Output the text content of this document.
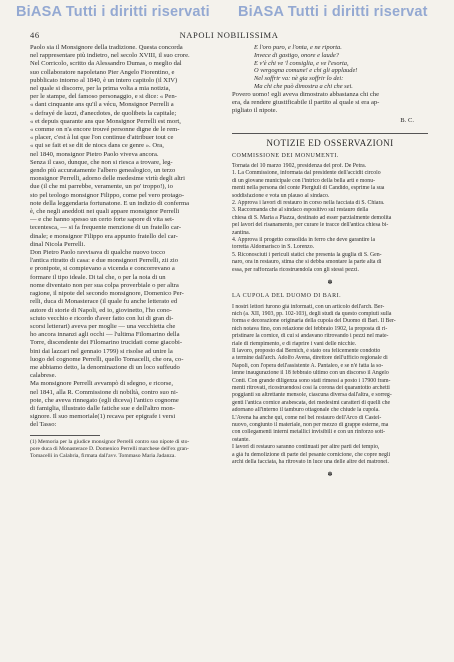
BiASA Tutti i diritti riservati BiASA Tutti i diritti riservat
46	NAPOLI NOBILISSIMA
Paolo sia il Monsignore della tradizione. Questa concorda
nel rappresentare più indietro, nel secolo XVIII, il suo crore.
Nel Corricolo, scritto da Alessandro Dumas, o meglio dal
suo collaboratore napoletano Pier Angelo Fiorentino, e
pubblicato intorno al 1840, è un intero capitolo (il XIV)
nel quale si discorre, per la prima volta a mia notizia,
per le stampe, del famoso personaggio, e si dice: « Pen-
« dant cinquante ans qu'il a vécu, Monsignor Perrelli a
« defrayé de lazzi, d'anecdotes, de quolibets la capitale;
« et depuis quarante ans que Monsignor Perrelli est mort,
« comme on n'a encore trouvé personne digne de le rem-
« placer, c'est à lui que l'on continue d'attribuer tout ce
« qui se fait et se dit de niocs dans ce genre ». Ora,
nel 1840, monsignor Pietro Paolo viveva ancora.
Senza il caso, dunque, che non si riesca a trovare, leg-
gendo più accuratamente l'albero genealogico, un terzo
monsignor Perrelli, adorno delle medesime virtù degli altri
due (il che mi parrebbe, veramente, un po' troppo!), io
sto pel teologo monsignor Filippo, come pel vero protago-
note della leggendaria fortunatone. E un indizio di conferma
è, che negli aneddoti nei quali appare monsignor Perrelli
— e che hanno spesso un certo forte sapore di vita set-
tecentesca, — si fa frequente menzione di un fratello car-
dinale; e monsignor Filippo era appunto fratello del car-
dinal Nicola Perrelli.
Don Pietro Paolo ravvisava di qualche nuovo tocco
l'antica ritratto di casa: e due monsignori Perrelli, zii zio
e pronipote, si compievano a vicenda e concorrevano a
formare il tipo ideale. Di tal che, o per la noia di un
nome diventato non per sua colpa proverbiale o per altra
ragione, il nipote del secondo monsignore, Domenico Per-
relli, duca di Monasterace (il quale fu anche letterato ed
autore di storie di Napoli, ed io, giovinetto, l'ho cono-
sciuto vecchio e ricordo d'aver fatto con lui di gran di-
scorsi letterari) aveva per moglie — una vecchietta che
ho ancora innanzi agli occhi — l'ultima Filomarino della
Torre, discendente dei Filomarino trucidati come giacobi-
bini dai lazzari nel gennaio 1799) si risolse ad unire la
luogo del cognome Perrelli, quello Tomacelli, che ora, co-
me abbiamo detto, la denominazione di un loco suffeudo
calabrese.
Ma monsignore Perrelli avvampò di sdegno, e ricorse,
nel 1841, alla R. Commissione di nobiltà, contro suo ni-
pote, che aveva rinnegato (egli diceva) l'antico cognome
di famiglia, illustrato dalle fatiche sue e dell'altro mon-
signore. Il suo memoriale(1) recava per epigrafe i versi
del Tasso:
(1) Memoria per la giudice monsignor Perrelli contro suo nipote di sto-
pore duca di Monasterace D. Domenico Perrelli marchese dell'ex gran-
Tomacelli in Calabria, firmata dall'avv. Tommaso Maria Jadanza.
E l'oro puro, e l'onta, e ne riporta.
Invece di gastigo, onore e laude?
E v'è chi ve 'l consiglia, e ve l'esorta,
O vergogna comune! e chi gli applaude!
Nel soffrir va: nè gia soffrir lo dei:
Ma chi che può dimostra a chi che sei.
Povero uomo! egli aveva dimostrato abbastanza chi che
era, da rendere giustificabile il partito al quale si era ap-
pigliato il nipote.
B. C.
NOTIZIE ED OSSERVAZIONI
COMMISSIONE DEI MONUMENTI.
Tornata del 10 marzo 1902, presidenza del prof. De Petra.
1. La Commissione, informata dal presidente dell'accidit circolo
di un giovane municipale con l'intrico della bella arti e monu-
menti nella persona del conte Piergiuli di Candido, esprime la sua
soddisfazione e vota un plauso al sindaco.
2. Approva i lavori di restauro in corso nella facciata di S. Chiara.
3. Raccomanda che al sindaco espositivo sul restauro della
chiesa di S. Maria a Piazza, destinato ad esser parzialmente demolita
pel lavori del risanamento, per curare le tracce dell'antica chiesa bi-
zantina.
4. Approva il progetto consolida in ferro che deve garantire la
torretta Aldomarisco in S. Lorenzo.
5. Riconosciuti i periculi statici che presenta la guglia di S. Gen-
naro, ora in restauro, stima che si debba smontare la parte alta di
essa, per rafforzarla ricostruendola con gli stessi pezzi.
✽
LA CUPOLA DEL DUOMO DI BARI.
I nostri lettori furono già informati, con un articolo dell'arch. Ber-
nich (a. XII, 1903, pp. 102-103), degli studi da questo compiuti sulla
forma e decorazione originaria della cupola del Duomo di Bari. Il Ber-
nich notava fino, con relazione del febbraio 1902, la proposta di ri-
pristinare la cornice, di cui si andavano ritrovando i pezzi nel mate-
riale di riempimento, e di riaprire i vani delle nicchie.
Il lavoro, proposto dal Bernich, è stato ora felicemente condotto
a termine dall'arch. Adolfo Avena, direttore dell'ufficio regionale di
Napoli, con l'opera dell'assistente A. Pantaleo, e se n'è fatta la so-
lenne inaugurazione il 18 febbraio ultimo con un discorso il Angelo
Conti. Con grande diligenza sono stati rimessi a posto i 17900 fram-
menti ritrovati, ricostruendosi così la corona dei quarantotto archetti
poggianti su altrettante mensole, ciascuna diversa dall'altra, e sorreg-
genti l'antica cornice arabescata, dei medesimi caratteri di quelli che
adornano all'interno il tamburo ottagonale che chiude la cupola.
L'Avena ha anche qui, come nel bel restauro dell'Arco di Castel-
nuovo, congiunto il materiale, non per mezzo di grappe esterne, ma
con collegamenti interni metallici invisibili e con un rinforzo sott-
ostante.
I lavori di restauro saranno continuati per altre parti del tempio,
a già fu demolizione di parte del pesante cornicione, che copre negli
archi della facciata, ha ritrovato in luce una delle altre dei matronei.
✽
